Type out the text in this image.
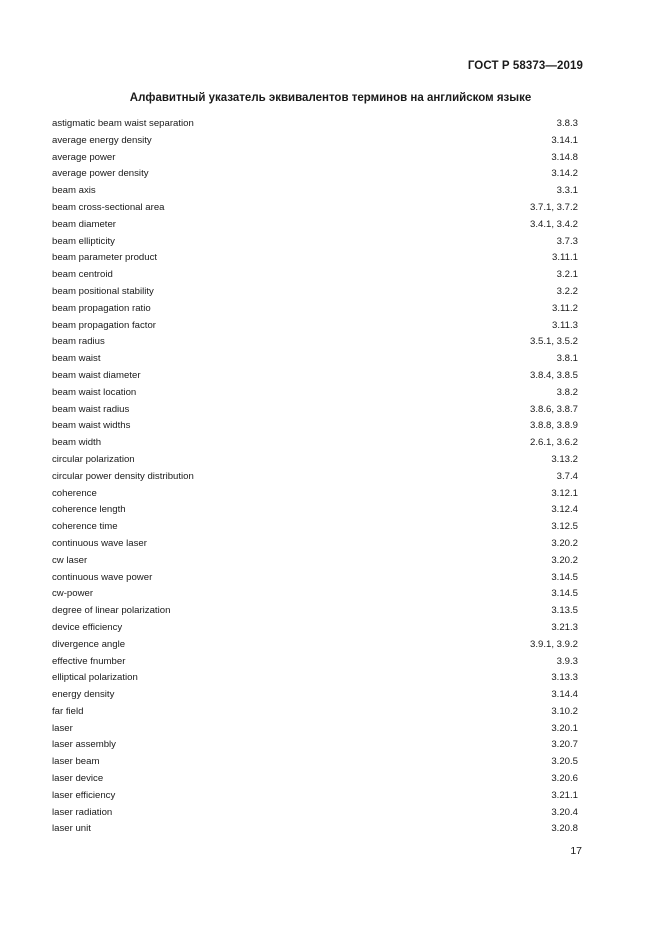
ГОСТ Р 58373—2019
Алфавитный указатель эквивалентов терминов на английском языке
astigmatic beam waist separation	3.8.3
average energy density	3.14.1
average power	3.14.8
average power density	3.14.2
beam axis	3.3.1
beam cross-sectional area	3.7.1, 3.7.2
beam diameter	3.4.1, 3.4.2
beam ellipticity	3.7.3
beam parameter product	3.11.1
beam centroid	3.2.1
beam positional stability	3.2.2
beam propagation ratio	3.11.2
beam propagation factor	3.11.3
beam radius	3.5.1, 3.5.2
beam waist	3.8.1
beam waist diameter	3.8.4, 3.8.5
beam waist location	3.8.2
beam waist radius	3.8.6, 3.8.7
beam waist widths	3.8.8, 3.8.9
beam width	2.6.1, 3.6.2
circular polarization	3.13.2
circular power density distribution	3.7.4
coherence	3.12.1
coherence length	3.12.4
coherence time	3.12.5
continuous wave laser	3.20.2
cw laser	3.20.2
continuous wave power	3.14.5
cw-power	3.14.5
degree of linear polarization	3.13.5
device efficiency	3.21.3
divergence angle	3.9.1, 3.9.2
effective fnumber	3.9.3
elliptical polarization	3.13.3
energy density	3.14.4
far field	3.10.2
laser	3.20.1
laser assembly	3.20.7
laser beam	3.20.5
laser device	3.20.6
laser efficiency	3.21.1
laser radiation	3.20.4
laser unit	3.20.8
17
